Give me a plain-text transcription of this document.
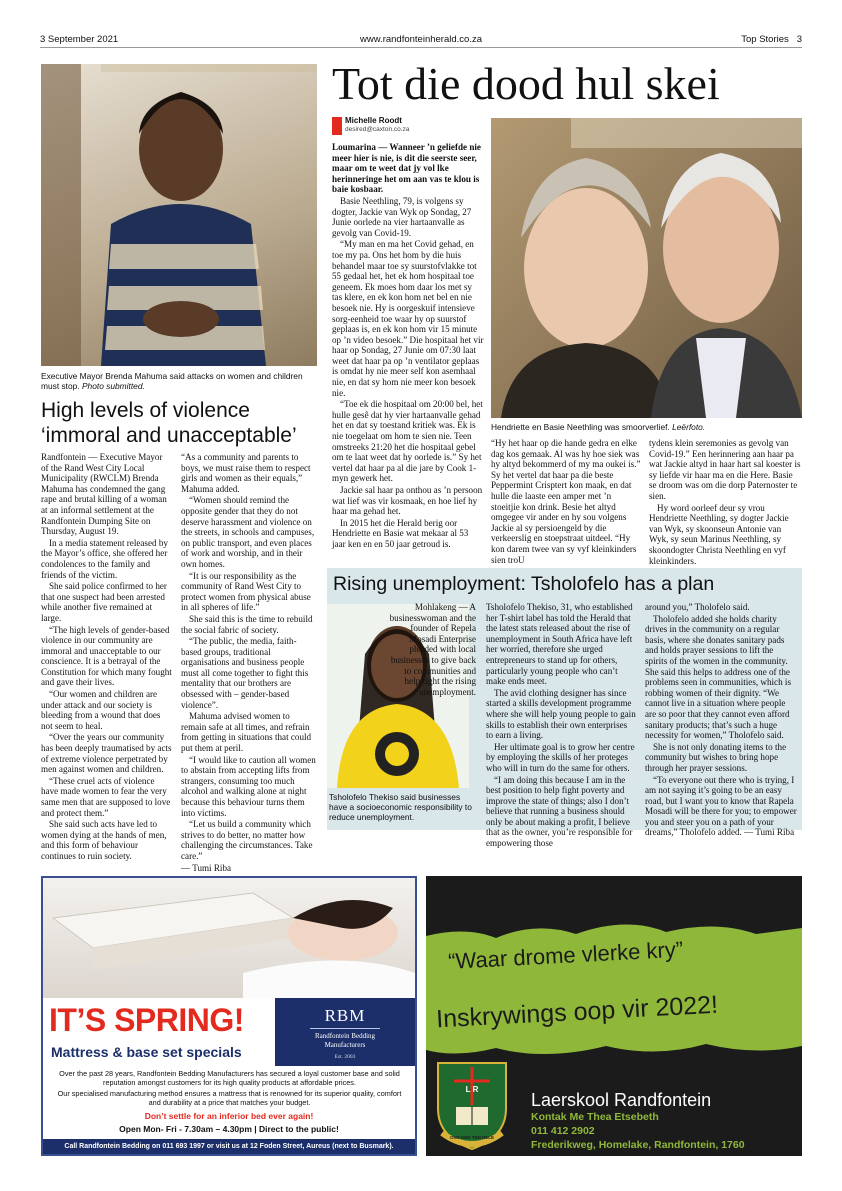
3 September 2021	www.randfonteinherald.co.za	Top Stories 3
Executive Mayor Brenda Mahuma said attacks on women and children must stop. Photo submitted.
High levels of violence
‘immoral and unacceptable’

Randfontein — Executive Mayor of the Rand West City Local Municipality (RWCLM) Brenda Mahuma has condemned the gang rape and brutal killing of a woman at an informal settlement at the Randfontein Dumping Site on Thursday, August 19.

In a media statement released by the Mayor’s office, she offered her condolences to the family and friends of the victim.

She said police confirmed to her that one suspect had been arrested while another five remained at large.

“The high levels of gender-based violence in our community are immoral and unacceptable to our conscience. It is a betrayal of the Constitution for which many fought and gave their lives.

“Our women and children are under attack and our society is bleeding from a wound that does not seem to heal.

“Over the years our community has been deeply traumatised by acts of extreme violence perpetrated by men against women and children.

“These cruel acts of violence have made women to fear the very same men that are supposed to love and protect them.”

She said such acts have led to women dying at the hands of men, and this form of behaviour continues to ruin society.

“As a community and parents to boys, we must raise them to respect girls and women as their equals,” Mahuma added.

“Women should remind the opposite gender that they do not deserve harassment and violence on the streets, in schools and campuses, on public transport, and even places of work and worship, and in their own homes.

“It is our responsibility as the community of Rand West City to protect women from physical abuse in all spheres of life.”

She said this is the time to rebuild the social fabric of society.

“The public, the media, faith-based groups, traditional organisations and business people must all come together to fight this mentality that our brothers are obsessed with – gender-based violence”.

Mahuma advised women to remain safe at all times, and refrain from getting in situations that could put them at peril.

“I would like to caution all women to abstain from accepting lifts from strangers, consuming too much alcohol and walking alone at night because this behaviour turns them into victims.

“Let us build a community which strives to do better, no matter how challenging the circumstances. Take care.”

— Tumi Riba

Tot die dood hul skei
Michelle Roodt
desired@caxton.co.za

Loumarina — Wanneer ’n geliefde nie meer hier is nie, is dit die seerste seer, maar om te weet dat jy vol lke herinneringe het om aan vas te klou is baie kosbaar.

Basie Neethling, 79, is volgens sy dogter, Jackie van Wyk op Sondag, 27 Junie oorlede na vier hartaanvalle as gevolg van Covid-19.

“My man en ma het Covid gehad, en toe my pa. Ons het hom by die huis behandel maar toe sy suurstofvlakke tot 55 gedaal het, het ek hom hospitaal toe geneem. Ek moes hom daar los met sy tas klere, en ek kon hom net bel en nie besoek nie. Hy is oorgeskuif intensieve sorg-eenheid toe waar hy op suurstof geplaas is, en ek kon hom vir 15 minute op ’n video besoek.” Die hospitaal het vir haar op Sondag, 27 Junie om 07:30 laat weet dat haar pa op ’n ventilator geplaas is omdat hy nie meer self kon asemhaal nie, en dat sy hom nie meer kon besoek nie.

“Toe ek die hospitaal om 20:00 bel, het hulle gesê dat hy vier hartaanvalle gehad het en dat sy toestand kritiek was. Ek is nie toegelaat om hom te sien nie. Teen omstreeks 21:20 het die hospitaal gebel om te laat weet dat hy oorlede is.” Sy het vertel dat haar pa al die jare by Cook 1-myn gewerk het.

Jackie sal haar pa onthou as ’n persoon wat lief was vir kosmaak, en hoe lief hy haar ma gehad het.

In 2015 het die Herald berig oor Hendriette en Basie wat mekaar al 53 jaar ken en en 50 jaar getroud is.

Hendriette en Basie Neethling was smoorverlief. Leërfoto.

“Hy het haar op die hande gedra en elke dag kos gemaak. Al was hy hoe siek was hy altyd bekommerd of my ma oukei is.” Sy het vertel dat haar pa die beste Peppermint Crisptert kon maak, en dat hulle die laaste een amper met ’n stoeitjie kon drink. Besie het altyd omgegee vir ander en hy sou volgens Jackie al sy persioengeld by die verkeerslig en stoepstraat uitdeel. “Hy kon darem twee van sy vyf kleinkinders sien troU

tydens klein seremonies as gevolg van Covid-19.” Een herinnering aan haar pa wat Jackie altyd in haar hart sal koester is sy liefde vir haar ma en die Here. Basie se droom was om die dorp Paternoster te sien.

Hy word oorleef deur sy vrou Hendriette Neethling, sy dogter Jackie van Wyk, sy skoonseun Antonie van Wyk, sy seun Marinus Neethling, sy skoondogter Christa Neethling en vyf kleinkinders.

Rising unemployment: Tsholofelo has a plan
Tsholofelo Thekiso said businesses have a socioeconomic responsibility to reduce unemployment.
Mohlakeng — A businesswoman and the founder of Repela Mosadi Enterprise pleaded with local businesses to give back to communities and help fight the rising unemployment.

Tsholofelo Thekiso, 31, who established her T-shirt label has told the Herald that the latest stats released about the rise of unemployment in South Africa have left her worried, therefore she urged entrepreneurs to stand up for others, particularly young people who can’t make ends meet.

The avid clothing designer has since started a skills development programme where she will help young people to gain skills to establish their own enterprises to earn a living.

Her ultimate goal is to grow her centre by employing the skills of her proteges who will in turn do the same for others.

“I am doing this because I am in the best position to help fight poverty and improve the state of things; also I don’t believe that running a business should only be about making a profit, I believe that as the owner, you’re responsible for empowering those

around you,” Tholofelo said.

Tholofelo added she holds charity drives in the community on a regular basis, where she donates sanitary pads and holds prayer sessions to lift the spirits of the women in the community. She said this helps to address one of the problems seen in communities, which is robbing women of their dignity. “We cannot live in a situation where people are so poor that they cannot even afford sanitary products; that’s such a huge necessity for women,” Tholofelo said.

She is not only donating items to the community but wishes to bring hope through her prayer sessions.

“To everyone out there who is trying, I am not saying it’s going to be an easy road, but I want you to know that Rapela Mosadi will be there for you; to empower you and steer you on a path of your dreams,” Tholofelo added. — Tumi Riba

RBM
Randfontein Bedding Manufacturers
Est. 2003
IT’S SPRING!
Mattress & base set specials
Over the past 28 years, Randfontein Bedding Manufacturers has secured a loyal customer base and solid reputation amongst customers for its high quality products at affordable prices.
Our specialised manufacturing method ensures a mattress that is renowned for its superior quality, comfort and durability at a price that matches your budget.
Don’t settle for an inferior bed ever again!
Open Mon- Fri - 7.30am – 4.30pm | Direct to the public!
Call Randfontein Bedding on 011 693 1997 or visit us at 12 Foden Street, Aureus (next to Busmark).
“Waar drome vlerke kry”
Inskrywings oop vir 2022!
L R
ONS KEN TEN DELE
Laerskool Randfontein
Kontak Me Thea Etsebeth
011 412 2902
Frederikweg, Homelake, Randfontein, 1760
